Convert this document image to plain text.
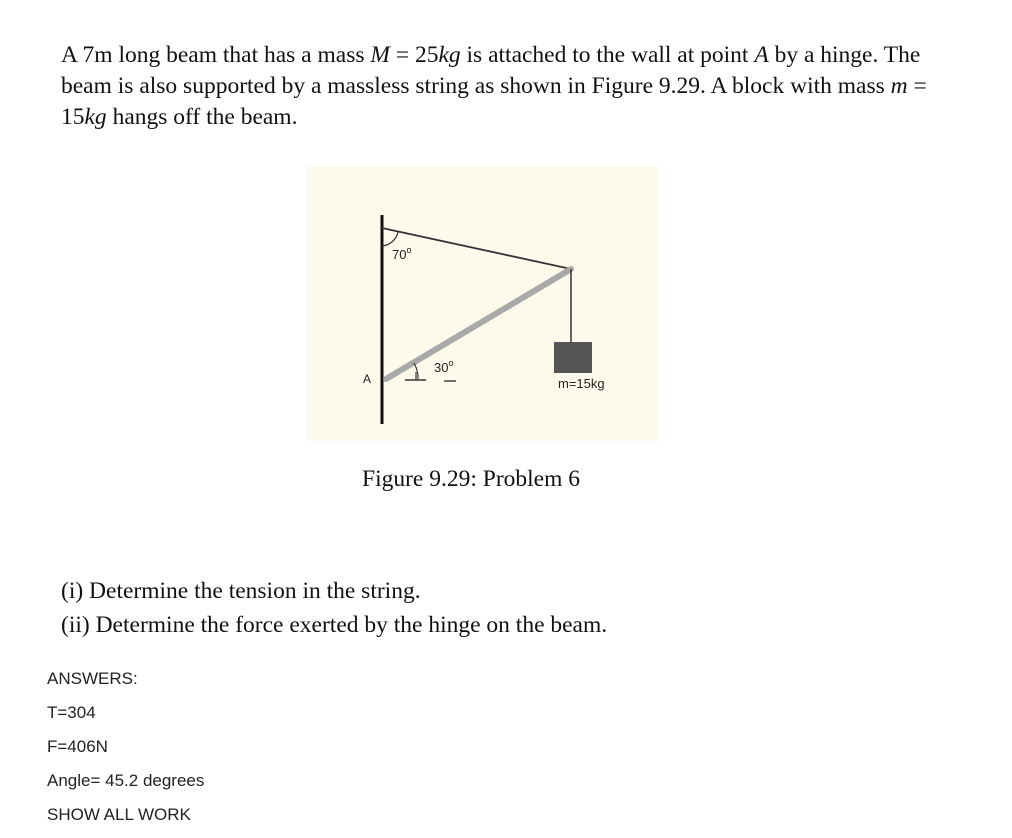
A 7m long beam that has a mass M = 25kg is attached to the wall at point A by a hinge. The beam is also supported by a massless string as shown in Figure 9.29. A block with mass m = 15kg hangs off the beam.

70$^o$
30$^o$
A	m=15kg
Figure 9.29: Problem 6
(i) Determine the tension in the string.
(ii) Determine the force exerted by the hinge on the beam.
ANSWERS:
T=304
F=406N
Angle= 45.2 degrees
SHOW ALL WORK
